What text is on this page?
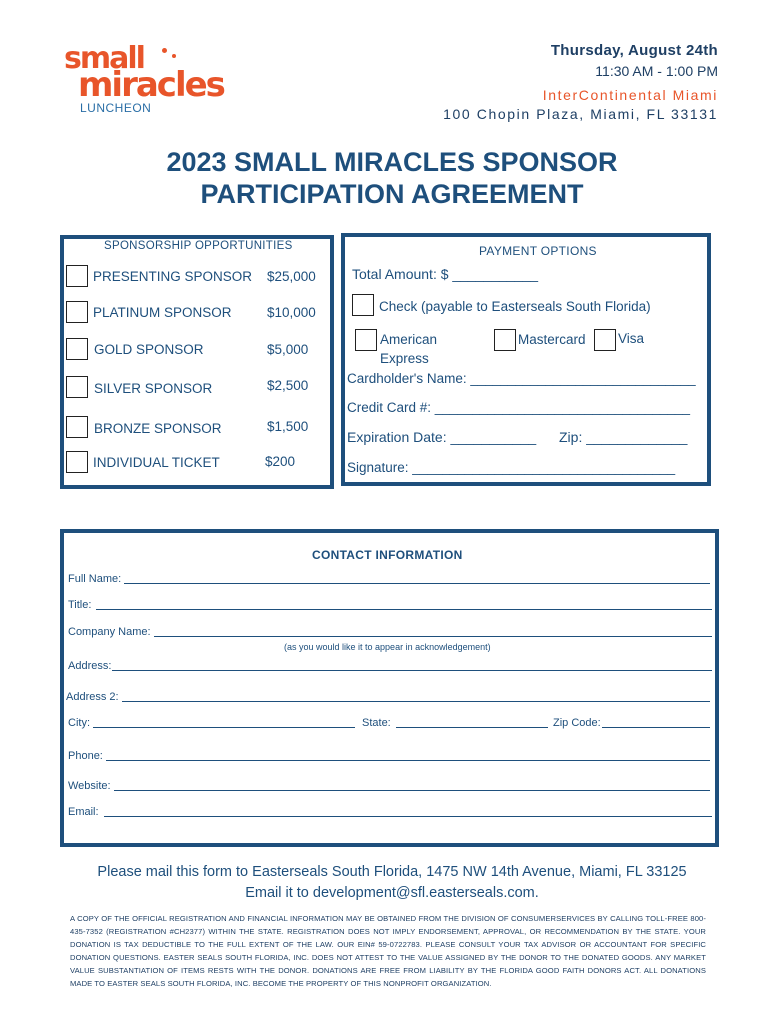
small
miracles
LUNCHEON
Thursday, August 24th
11:30 AM - 1:00 PM
InterContinental Miami
100 Chopin Plaza, Miami, FL 33131
2023 SMALL MIRACLES SPONSOR
PARTICIPATION AGREEMENT
SPONSORSHIP OPPORTUNITIES
PRESENTING SPONSOR $25,000
PLATINUM SPONSOR	$10,000
GOLD SPONSOR	$5,000
SILVER SPONSOR	$2,500
BRONZE SPONSOR	$1,500
INDIVIDUAL TICKET	$200
PAYMENT OPTIONS
Total Amount: $ ___________
Check (payable to Easterseals South Florida)
American
Express
Mastercard Visa
Cardholder's Name: ______________________________
Credit Card #: __________________________________
Expiration Date: ___________ Zip: _____________
Signature: ___________________________________
CONTACT INFORMATION
Full Name:
Title:
Company Name:
(as you would like it to appear in acknowledgement)
Address:
Address 2:
City:	State:	Zip Code:
Phone:
Website:
Email:
Please mail this form to Easterseals South Florida, 1475 NW 14th Avenue, Miami, FL 33125
Email it to development@sfl.easterseals.com.
A COPY OF THE OFFICIAL REGISTRATION AND FINANCIAL INFORMATION MAY BE OBTAINED FROM THE DIVISION OF CONSUMERSERVICES BY CALLING TOLL-FREE 800-435-7352 (REGISTRATION #CH2377) WITHIN THE STATE. REGISTRATION DOES NOT IMPLY ENDORSEMENT, APPROVAL, OR RECOMMENDATION BY THE STATE. YOUR DONATION IS TAX DEDUCTIBLE TO THE FULL EXTENT OF THE LAW. OUR EIN# 59-0722783. PLEASE CONSULT YOUR TAX ADVISOR OR ACCOUNTANT FOR SPECIFIC DONATION QUESTIONS. EASTER SEALS SOUTH FLORIDA, INC. DOES NOT ATTEST TO THE VALUE ASSIGNED BY THE DONOR TO THE DONATED GOODS. ANY MARKET VALUE SUBSTANTIATION OF ITEMS RESTS WITH THE DONOR. DONATIONS ARE FREE FROM LIABILITY BY THE FLORIDA GOOD FAITH DONORS ACT. ALL DONATIONS MADE TO EASTER SEALS SOUTH FLORIDA, INC. BECOME THE PROPERTY OF THIS NONPROFIT ORGANIZATION.
